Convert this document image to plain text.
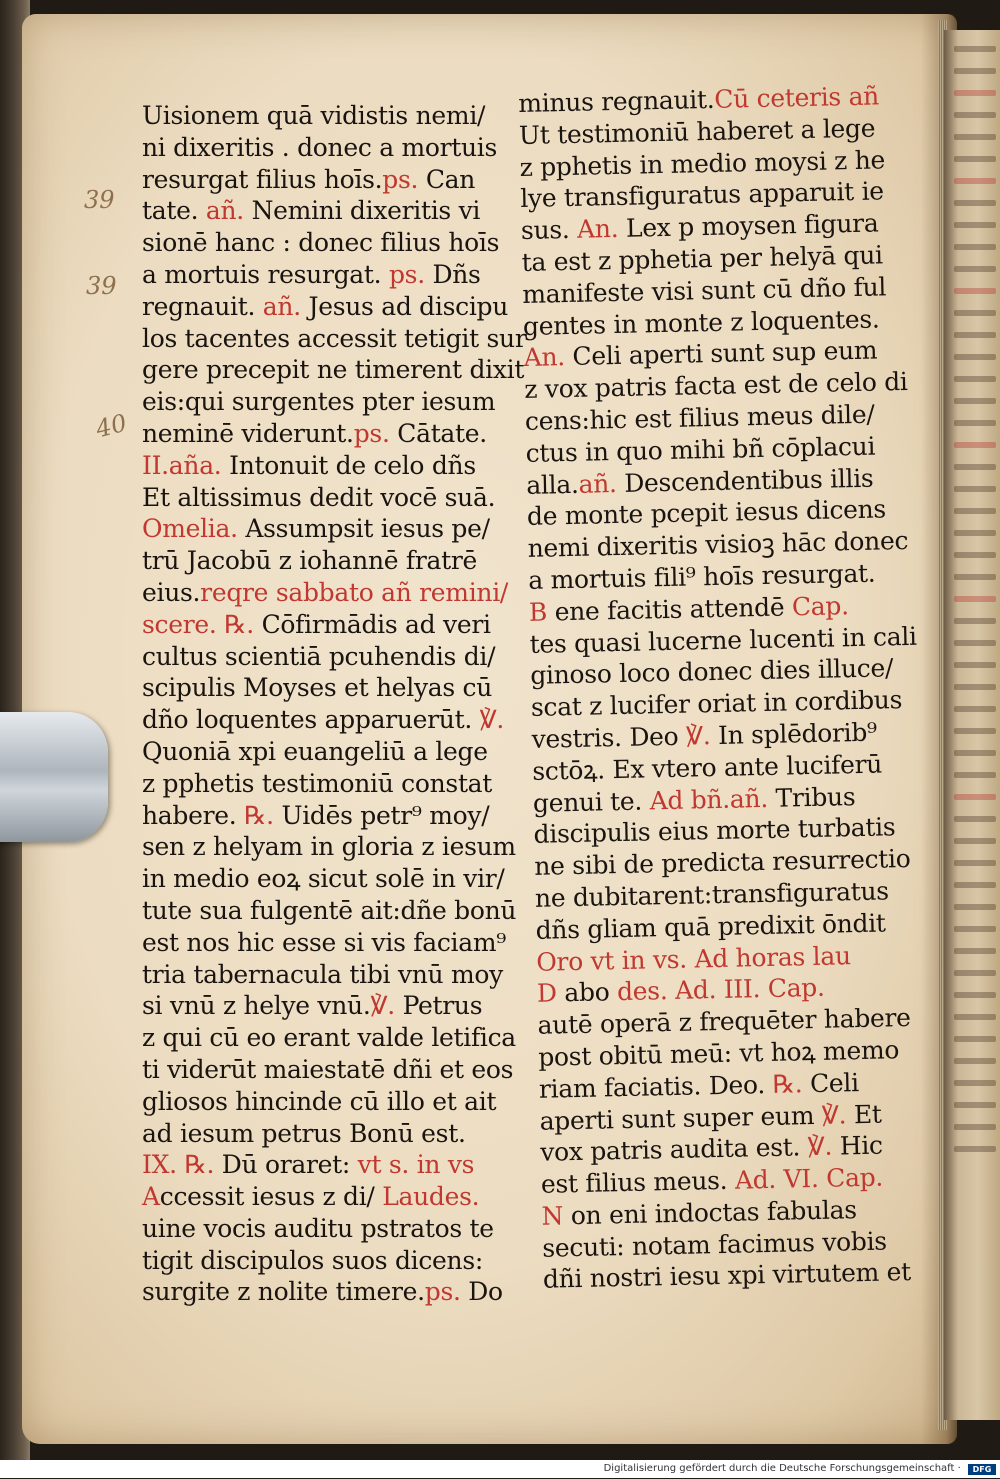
39
39
40
Uisionem quā vidistis nemi/
ni dixeritis . donec a mortuis
resurgat filius hoīs.ps. Can
tate. añ. Nemini dixeritis vi
sionē hanc : donec filius hoīs
a mortuis resurgat. ps. Dñs
regnauit. añ. Jesus ad discipu
los tacentes accessit tetigit sur
gere precepit ne timerent dixit
eis:qui surgentes pter iesum
neminē viderunt.ps. Cātate.
II.aña. Intonuit de celo dñs
Et altissimus dedit vocē suā.
Omelia. Assumpsit iesus pe/
trū Jacobū z iohannē fratrē
eius.reqre sabbato añ remini/
scere. ℞. Cōfirmādis ad veri
cultus scientiā pcuhendis di/
scipulis Moyses et helyas cū
dño loquentes apparuerūt. ℣.
Quoniā xpi euangeliū a lege
z pphetis testimoniū constat
habere. ℞. Uidēs petr⁹ moy/
sen z helyam in gloria z iesum
in medio eoꝝ sicut solē in vir/
tute sua fulgentē ait:dñe bonū
est nos hic esse si vis faciam⁹
tria tabernacula tibi vnū moy
si vnū z helye vnū.℣. Petrus
z qui cū eo erant valde letifica
ti viderūt maiestatē dñi et eos
gliosos hincinde cū illo et ait
ad iesum petrus Bonū est.
IX. ℞. Dū oraret: vt s. in vs
Accessit iesus z di/ Laudes.
uine vocis auditu pstratos te
tigit discipulos suos dicens:
surgite z nolite timere.ps. Do
minus regnauit.Cū ceteris añ
Ut testimoniū haberet a lege
z pphetis in medio moysi z he
lye transfiguratus apparuit ie
sus. An. Lex p moysen figura
ta est z pphetia per helyā qui
manifeste visi sunt cū dño ful
gentes in monte z loquentes.
An. Celi aperti sunt sup eum
z vox patris facta est de celo di
cens:hic est filius meus dile/
ctus in quo mihi bñ cōplacui
alla.añ. Descendentibus illis
de monte pcepit iesus dicens
nemi dixeritis visioꝫ hāc donec
a mortuis fili⁹ hoīs resurgat.
B ene facitis attendē Cap.
tes quasi lucerne lucenti in cali
ginoso loco donec dies illuce/
scat z lucifer oriat in cordibus
vestris. Deo ℣. In splēdorib⁹
sctōꝝ. Ex vtero ante luciferū
genui te. Ad bñ.añ. Tribus
discipulis eius morte turbatis
ne sibi de predicta resurrectio
ne dubitarent:transfiguratus
dñs gliam quā predixit ōndit
Oro vt in vs. Ad horas lau
D abo des. Ad. III. Cap.
autē operā z frequēter habere
post obitū meū: vt hoꝝ memo
riam faciatis. Deo. ℞. Celi
aperti sunt super eum ℣. Et
vox patris audita est. ℣. Hic
est filius meus. Ad. VI. Cap.
N on eni indoctas fabulas
secuti: notam facimus vobis
dñi nostri iesu xpi virtutem et
Digitalisierung gefördert durch die Deutsche Forschungsgemeinschaft · DFG
